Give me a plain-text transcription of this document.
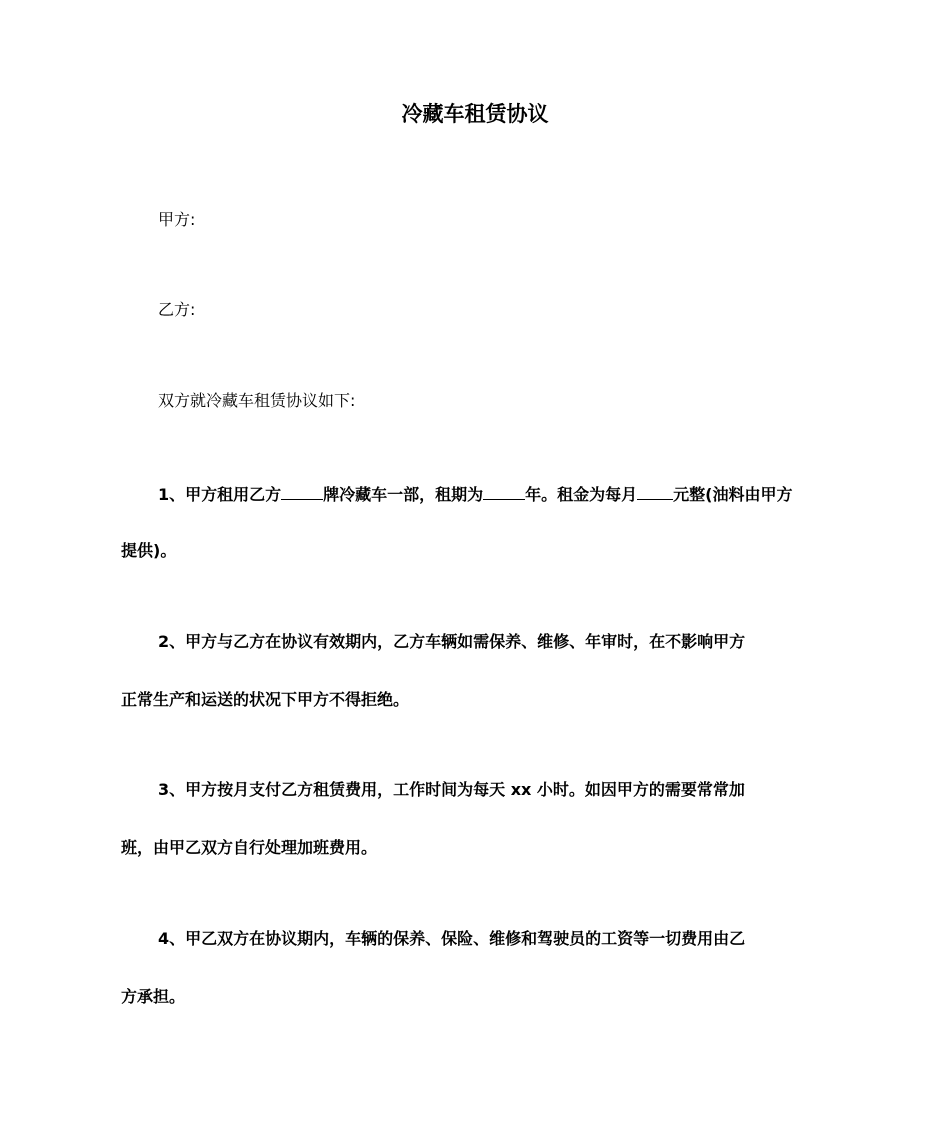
冷藏车租赁协议
甲方:
乙方:
双方就冷藏车租赁协议如下:
1、甲方租用乙方	牌冷藏车一部，租期为	年。租金为每月 元整(油料由甲方
提供)。
2、甲方与乙方在协议有效期内，乙方车辆如需保养、维修、年审时，在不影响甲方
正常生产和运送的状况下甲方不得拒绝。
3、甲方按月支付乙方租赁费用，工作时间为每天 xx 小时。如因甲方的需要常常加
班，由甲乙双方自行处理加班费用。
4、甲乙双方在协议期内，车辆的保养、保险、维修和驾驶员的工资等一切费用由乙
方承担。
